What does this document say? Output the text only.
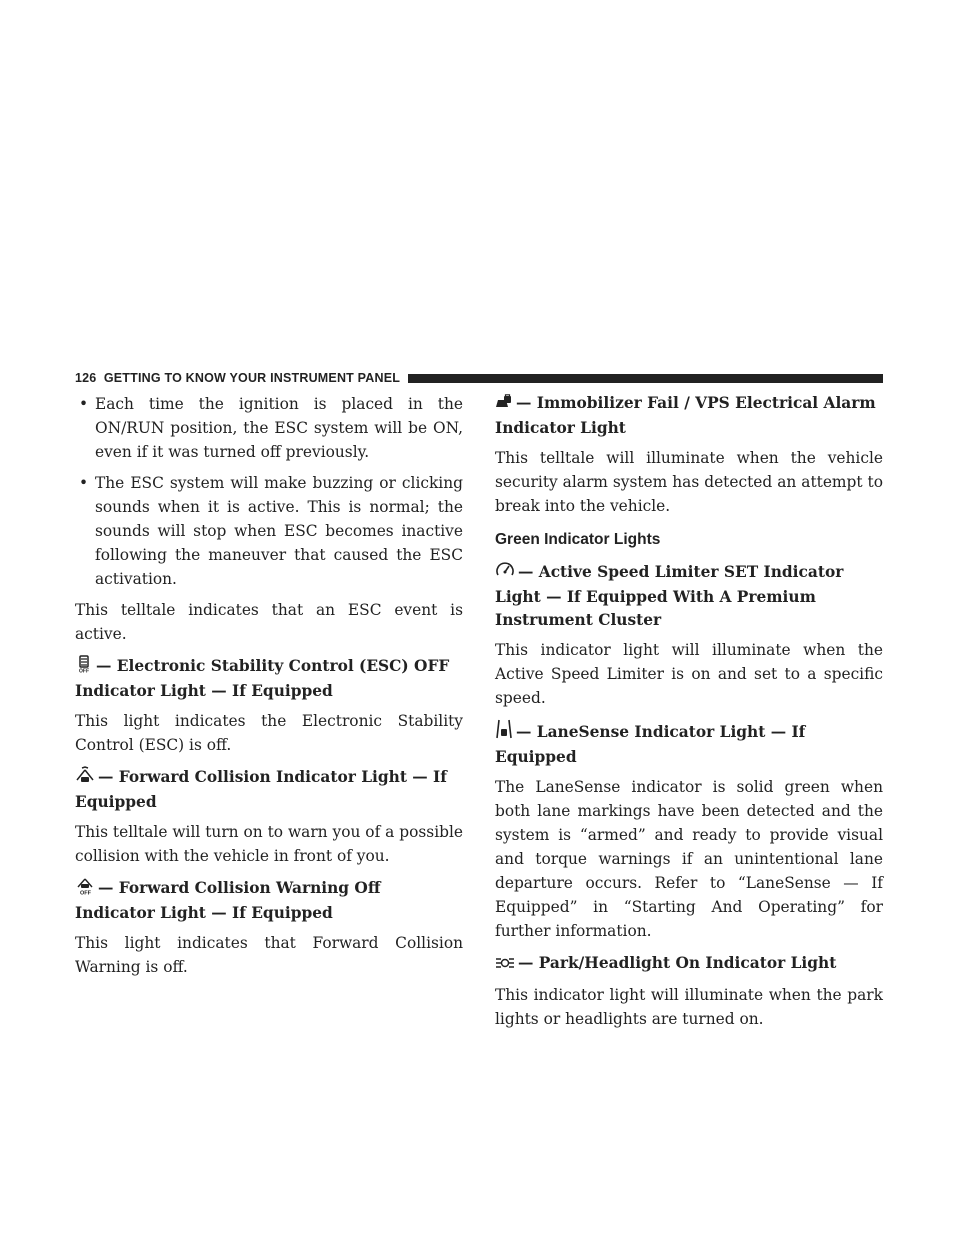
126 GETTING TO KNOW YOUR INSTRUMENT PANEL
• Each time the ignition is placed in the ON/RUN position, the ESC system will be ON, even if it was turned off previously.
• The ESC system will make buzzing or clicking sounds when it is active. This is normal; the sounds will stop when ESC becomes inactive following the maneuver that caused the ESC activation.

This telltale indicates that an ESC event is active.

OFF — Electronic Stability Control (ESC) OFF Indicator Light — If Equipped

This light indicates the Electronic Stability Control (ESC) is off.

— Forward Collision Indicator Light — If Equipped

This telltale will turn on to warn you of a possible collision with the vehicle in front of you.

OFF — Forward Collision Warning Off Indicator Light — If Equipped

This light indicates that Forward Collision Warning is off.

— Immobilizer Fail / VPS Electrical Alarm Indicator Light

This telltale will illuminate when the vehicle security alarm system has detected an attempt to break into the vehicle.

Green Indicator Lights
— Active Speed Limiter SET Indicator Light — If Equipped With A Premium Instrument Cluster

This indicator light will illuminate when the Active Speed Limiter is on and set to a specific speed.

— LaneSense Indicator Light — If Equipped

The LaneSense indicator is solid green when both lane markings have been detected and the system is “armed” and ready to provide visual and torque warnings if an unintentional lane departure occurs. Refer to “LaneSense — If Equipped” in “Starting And Operating” for further information.

— Park/Headlight On Indicator Light

This indicator light will illuminate when the park lights or headlights are turned on.
